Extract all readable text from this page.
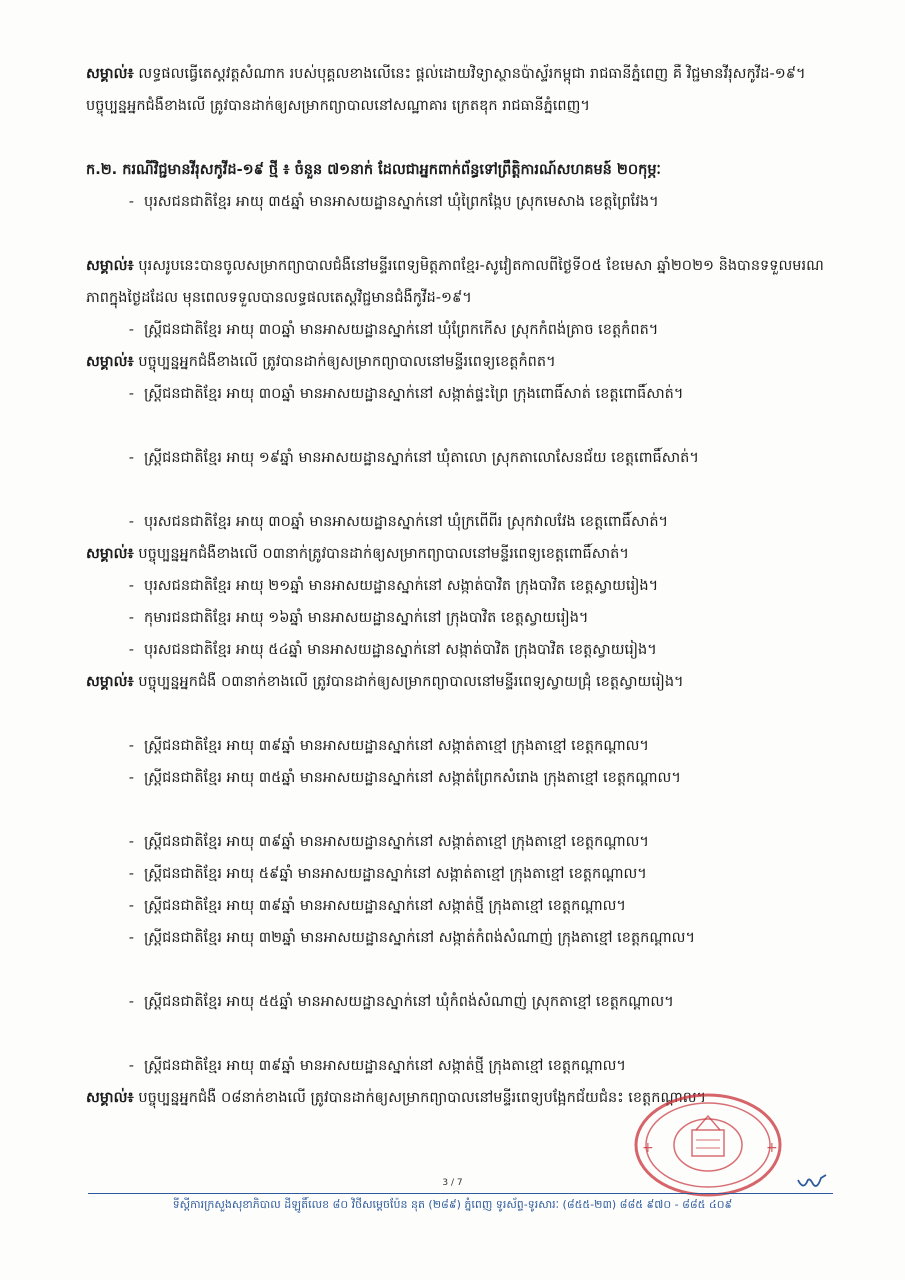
សម្គាល់៖ លទ្ធផលធ្វើតេស្តវត្តសំណាក របស់បុគ្គលខាងលើនេះ ផ្តល់ដោយវិទ្យាស្ថានប៉ាស្ទ័រកម្ពុជា រាជធានីភ្នំពេញ គឺ វិជ្ជមានវីរុសកូវីដ-១៩។ បច្ចុប្បន្នអ្នកជំងឺខាងលើ ត្រូវបានដាក់ឲ្យសម្រាកព្យាបាលនៅសណ្ឋាគារ ក្រេតឌុក រាជធានីភ្នំពេញ។

ក.២. ករណីវិជ្ជមានវីរុសកូវីដ-១៩ ថ្មី ៖ ចំនួន ៧១នាក់ ដែលជាអ្នកពាក់ព័ន្ធទៅព្រឹត្តិការណ៍សហគមន៍ ២០កុម្ភៈ

- បុរសជនជាតិខ្មែរ អាយុ ៣៥ឆ្នាំ មានអាសយដ្ឋានស្នាក់នៅ ឃុំព្រៃកង្កែប ស្រុកមេសាង ខេត្តព្រៃវែង។

សម្គាល់៖ បុរសរូបនេះបានចូលសម្រាកព្យាបាលជំងឺនៅមន្ទីរពេទ្យមិត្តភាពខ្មែរ-សូវៀតកាលពីថ្ងៃទី០៥ ខែមេសា ឆ្នាំ២០២១ និងបានទទួលមរណភាពក្នុងថ្ងៃដដែល មុនពេលទទួលបានលទ្ធផលតេស្តវិជ្ជមានជំងឺកូវីដ-១៩។

- ស្ត្រីជនជាតិខ្មែរ អាយុ ៣០ឆ្នាំ មានអាសយដ្ឋានស្នាក់នៅ ឃុំព្រែកកើស ស្រុកកំពង់ត្រាច ខេត្តកំពត។

សម្គាល់៖ បច្ចុប្បន្នអ្នកជំងឺខាងលើ ត្រូវបានដាក់ឲ្យសម្រាកព្យាបាលនៅមន្ទីរពេទ្យខេត្តកំពត។

- ស្ត្រីជនជាតិខ្មែរ អាយុ ៣០ឆ្នាំ មានអាសយដ្ឋានស្នាក់នៅ សង្កាត់ផ្ទះព្រៃ ក្រុងពោធិ៍សាត់ ខេត្តពោធិ៍សាត់។
- ស្ត្រីជនជាតិខ្មែរ អាយុ ១៩ឆ្នាំ មានអាសយដ្ឋានស្នាក់នៅ ឃុំតាលោ ស្រុកតាលោសែនជ័យ ខេត្តពោធិ៍សាត់។
- បុរសជនជាតិខ្មែរ អាយុ ៣០ឆ្នាំ មានអាសយដ្ឋានស្នាក់នៅ ឃុំក្រពើពីរ ស្រុកវាលវែង ខេត្តពោធិ៍សាត់។

សម្គាល់៖ បច្ចុប្បន្នអ្នកជំងឺខាងលើ ០៣នាក់ត្រូវបានដាក់ឲ្យសម្រាកព្យាបាលនៅមន្ទីរពេទ្យខេត្តពោធិ៍សាត់។

- បុរសជនជាតិខ្មែរ អាយុ ២១ឆ្នាំ មានអាសយដ្ឋានស្នាក់នៅ សង្កាត់បាវិត ក្រុងបាវិត ខេត្តស្វាយរៀង។
- កុមារជនជាតិខ្មែរ អាយុ ១៦ឆ្នាំ មានអាសយដ្ឋានស្នាក់នៅ ក្រុងបាវិត ខេត្តស្វាយរៀង។
- បុរសជនជាតិខ្មែរ អាយុ ៥៤ឆ្នាំ មានអាសយដ្ឋានស្នាក់នៅ សង្កាត់បាវិត ក្រុងបាវិត ខេត្តស្វាយរៀង។

សម្គាល់៖ បច្ចុប្បន្នអ្នកជំងឺ ០៣នាក់ខាងលើ ត្រូវបានដាក់ឲ្យសម្រាកព្យាបាលនៅមន្ទីរពេទ្យស្វាយជ្រុំ ខេត្តស្វាយរៀង។

- ស្ត្រីជនជាតិខ្មែរ អាយុ ៣៩ឆ្នាំ មានអាសយដ្ឋានស្នាក់នៅ សង្កាត់តាខ្មៅ ក្រុងតាខ្មៅ ខេត្តកណ្តាល។
- ស្ត្រីជនជាតិខ្មែរ អាយុ ៣៥ឆ្នាំ មានអាសយដ្ឋានស្នាក់នៅ សង្កាត់ព្រែកសំរោង ក្រុងតាខ្មៅ ខេត្តកណ្តាល។
- ស្ត្រីជនជាតិខ្មែរ អាយុ ៣៩ឆ្នាំ មានអាសយដ្ឋានស្នាក់នៅ សង្កាត់តាខ្មៅ ក្រុងតាខ្មៅ ខេត្តកណ្តាល។
- ស្ត្រីជនជាតិខ្មែរ អាយុ ៥៩ឆ្នាំ មានអាសយដ្ឋានស្នាក់នៅ សង្កាត់តាខ្មៅ ក្រុងតាខ្មៅ ខេត្តកណ្តាល។
- ស្ត្រីជនជាតិខ្មែរ អាយុ ៣៩ឆ្នាំ មានអាសយដ្ឋានស្នាក់នៅ សង្កាត់ថ្មី ក្រុងតាខ្មៅ ខេត្តកណ្តាល។
- ស្ត្រីជនជាតិខ្មែរ អាយុ ៣២ឆ្នាំ មានអាសយដ្ឋានស្នាក់នៅ សង្កាត់កំពង់សំណាញ់ ក្រុងតាខ្មៅ ខេត្តកណ្តាល។
- ស្ត្រីជនជាតិខ្មែរ អាយុ ៥៥ឆ្នាំ មានអាសយដ្ឋានស្នាក់នៅ ឃុំកំពង់សំណាញ់ ស្រុកតាខ្មៅ ខេត្តកណ្តាល។
- ស្ត្រីជនជាតិខ្មែរ អាយុ ៣៩ឆ្នាំ មានអាសយដ្ឋានស្នាក់នៅ សង្កាត់ថ្មី ក្រុងតាខ្មៅ ខេត្តកណ្តាល។

សម្គាល់៖ បច្ចុប្បន្នអ្នកជំងឺ ០៨នាក់ខាងលើ ត្រូវបានដាក់ឲ្យសម្រាកព្យាបាលនៅមន្ទីរពេទ្យបង្អែកជ័យជំនះ ខេត្តកណ្តាល។

+	+
3 / 7
ទីស្តីការក្រសួងសុខាភិបាល ដីឡូតិ៍លេខ ៨០ វិថីសម្តេចប៉ែន នុត (២៨៩) ភ្នំពេញ ទូរស័ព្ទ-ទូរសារៈ (៨៥៥-២៣) ៨៨៥ ៩៧០ - ៨៨៥ ៤០៩
